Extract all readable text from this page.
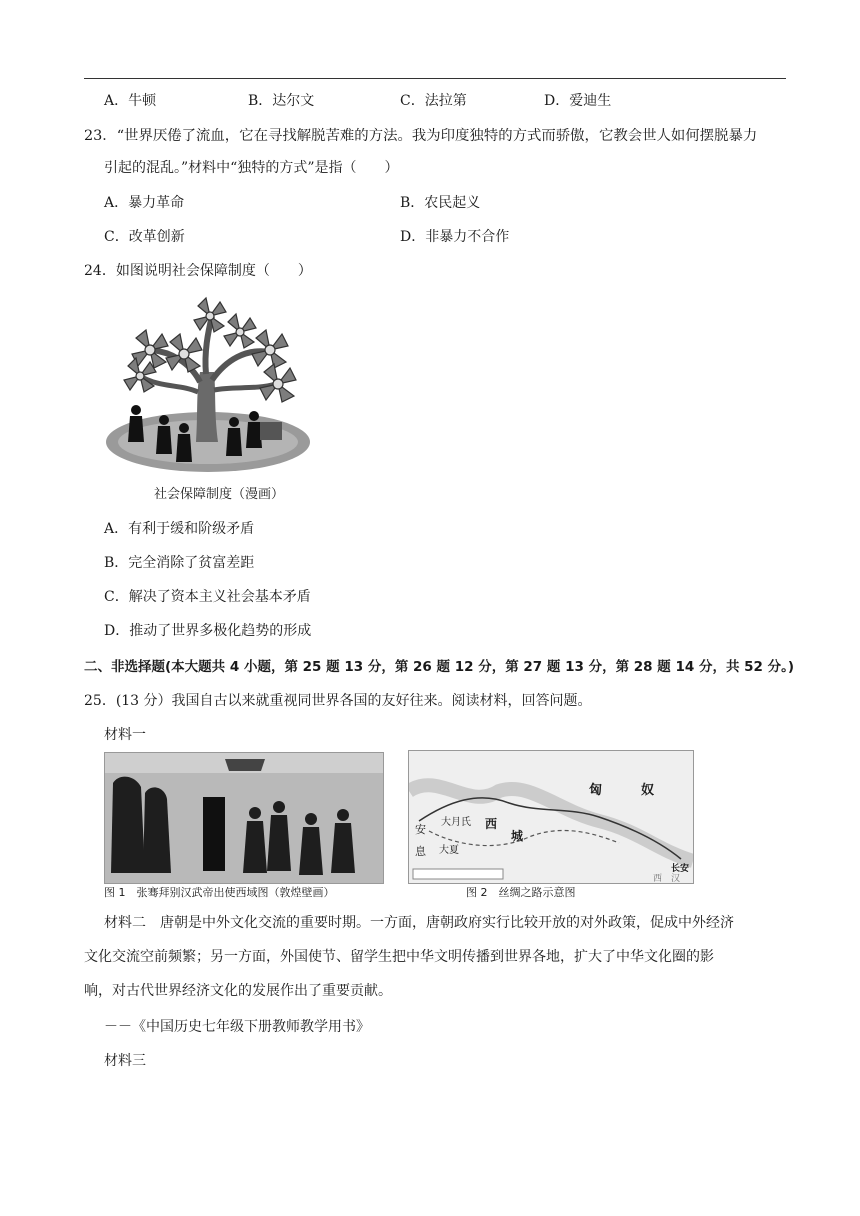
A．牛顿	B．达尔文	C．法拉第	D．爱迪生
23．“世界厌倦了流血，它在寻找解脱苦难的方法。我为印度独特的方式而骄傲，它教会世人如何摆脱暴力
引起的混乱。”材料中“独特的方式”是指（　　）
A．暴力革命	B．农民起义
C．改革创新	D．非暴力不合作
24．如图说明社会保障制度（　　）
社会保障制度（漫画）
A．有利于缓和阶级矛盾
B．完全消除了贫富差距
C．解决了资本主义社会基本矛盾
D．推动了世界多极化趋势的形成
二、非选择题(本大题共 4 小题，第 25 题 13 分，第 26 题 12 分，第 27 题 13 分，第 28 题 14 分，共 52 分。)
25．(13 分）我国自古以来就重视同世界各国的友好往来。阅读材料，回答问题。
材料一
图 1　张骞拜别汉武帝出使西域图（敦煌壁画）
匈	奴
大月氏 西
城
安
息 大夏
长安
西　汉
图 2　丝绸之路示意图
材料二　唐朝是中外文化交流的重要时期。一方面，唐朝政府实行比较开放的对外政策，促成中外经济
文化交流空前频繁；另一方面，外国使节、留学生把中华文明传播到世界各地，扩大了中华文化圈的影
响，对古代世界经济文化的发展作出了重要贡献。
－－《中国历史七年级下册教师教学用书》
材料三
